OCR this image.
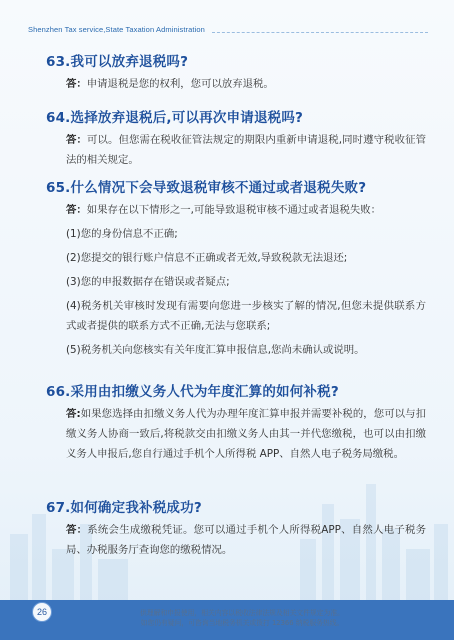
Shenzhen Tax service,State Taxation Administration
63.我可以放弃退税吗?
答：申请退税是您的权利，您可以放弃退税。
64.选择放弃退税后,可以再次申请退税吗?
答：可以。但您需在税收征管法规定的期限内重新申请退税,同时遵守税收征管法的相关规定。
65.什么情况下会导致退税审核不通过或者退税失败?

答：如果存在以下情形之一,可能导致退税审核不通过或者退税失败：

(1)您的身份信息不正确;

(2)您提交的银行账户信息不正确或者无效,导致税款无法退还;

(3)您的申报数据存在错误或者疑点;

(4)税务机关审核时发现有需要向您进一步核实了解的情况,但您未提供联系方式或者提供的联系方式不正确,无法与您联系;

(5)税务机关向您核实有关年度汇算申报信息,您尚未确认或说明。

66.采用由扣缴义务人代为年度汇算的如何补税?
答:如果您选择由扣缴义务人代为办理年度汇算申报并需要补税的，您可以与扣缴义务人协商一致后,将税款交由扣缴义务人由其一并代您缴税，也可以由扣缴义务人申报后,您自行通过手机个人所得税 APP、自然人电子税务局缴税。
67.如何确定我补税成功?
答：系统会生成缴税凭证。您可以通过手机个人所得税APP、自然人电子税务局、办税服务厅查询您的缴税情况。
26	供理解和申报使用，相关内容以税收法律法规及相关文件规定为准。
如您仍有疑问，可咨询当地税务机关或拨打 12366 纳税服务热线。
